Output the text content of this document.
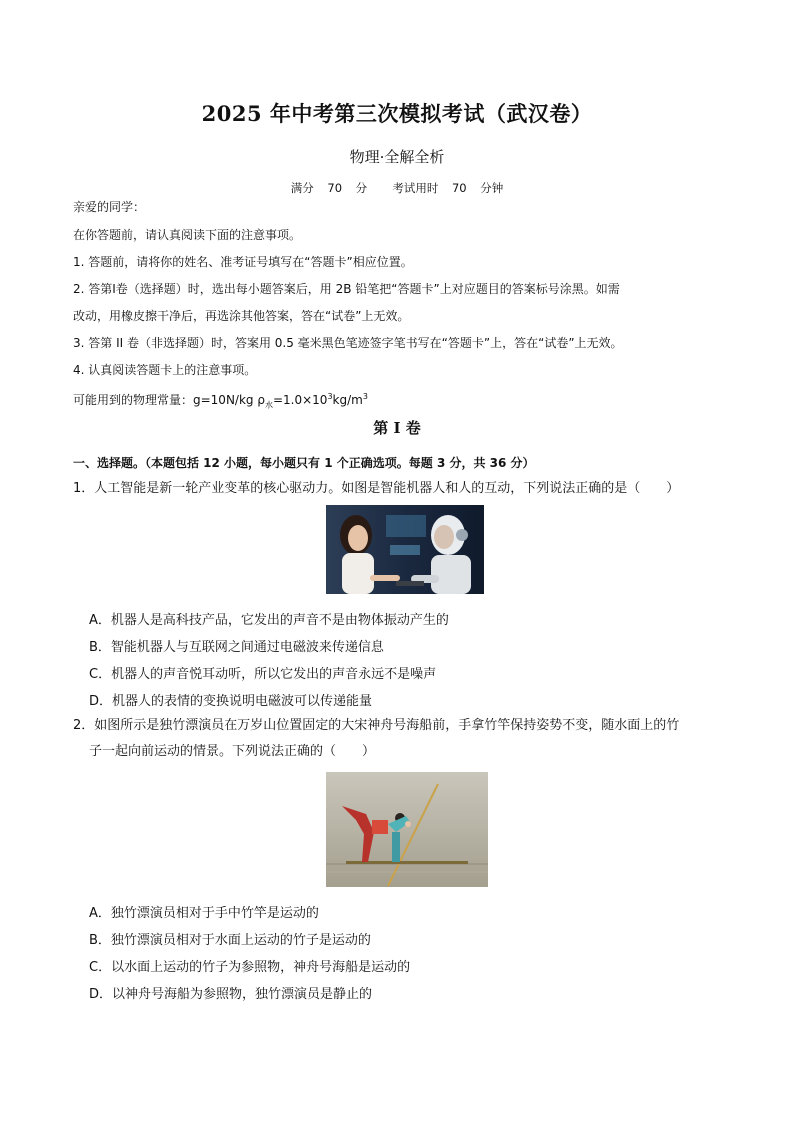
2025 年中考第三次模拟考试（武汉卷）
物理·全解全析
满分 70 分　 考试用时 70 分钟
亲爱的同学：
在你答题前，请认真阅读下面的注意事项。
1. 答题前，请将你的姓名、准考证号填写在“答题卡”相应位置。
2. 答第Ⅰ卷（选择题）时，选出每小题答案后，用 2B 铅笔把“答题卡”上对应题目的答案标号涂黑。如需
改动，用橡皮擦干净后，再选涂其他答案，答在“试卷”上无效。
3. 答第 II 卷（非选择题）时，答案用 0.5 毫米黑色笔迹签字笔书写在“答题卡”上，答在“试卷”上无效。
4. 认真阅读答题卡上的注意事项。
可能用到的物理常量：g=10N/kg $\rho_水=1.0\times 10^3kg/m^3$
第 I 卷
一、选择题。（本题包括 12 小题，每小题只有 1 个正确选项。每题 3 分，共 36 分）
1．人工智能是新一轮产业变革的核心驱动力。如图是智能机器人和人的互动，下列说法正确的是（　　）
A．机器人是高科技产品，它发出的声音不是由物体振动产生的
B．智能机器人与互联网之间通过电磁波来传递信息
C．机器人的声音悦耳动听，所以它发出的声音永远不是噪声
D．机器人的表情的变换说明电磁波可以传递能量
2．如图所示是独竹漂演员在万岁山位置固定的大宋神舟号海船前，手拿竹竿保持姿势不变，随水面上的竹
子一起向前运动的情景。下列说法正确的（　　）
A．独竹漂演员相对于手中竹竿是运动的
B．独竹漂演员相对于水面上运动的竹子是运动的
C．以水面上运动的竹子为参照物，神舟号海船是运动的
D．以神舟号海船为参照物，独竹漂演员是静止的
